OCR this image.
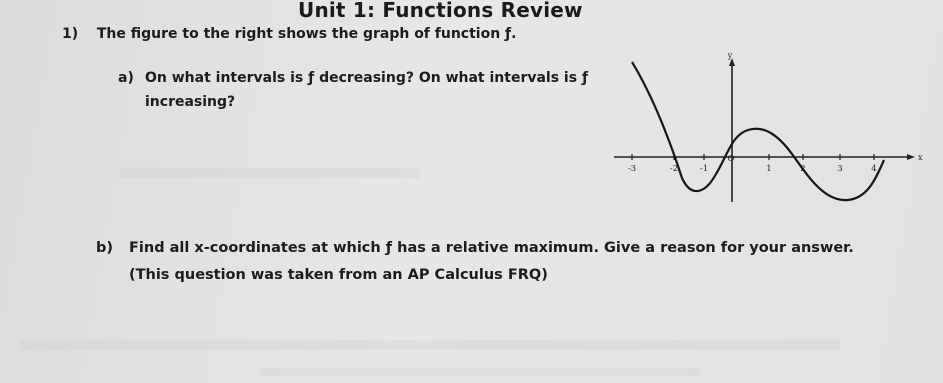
Unit 1: Functions Review
1) The figure to the right shows the graph of function ƒ.
a) On what intervals is ƒ decreasing? On what intervals is ƒ increasing?
y
x
-3	-2	-1
O
1	2	3	4
b) Find all x-coordinates at which ƒ has a relative maximum. Give a reason for your answer.
(This question was taken from an AP Calculus FRQ)
